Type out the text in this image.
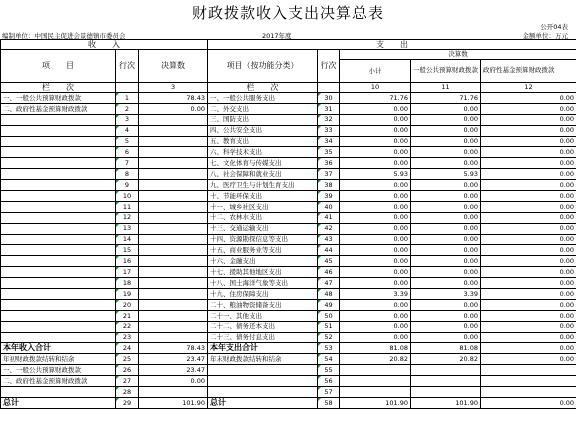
财政拨款收入支出决算总表
公开04表
编制单位：中国民主促进会景德镇市委员会	2017年度	金额单位：万元
收　　入			支　　出				
项　　目	行次	决算数	项目（按功能分类）	行次	决算数		
					小计	一般公共预算财政拨款	政府性基金预算财政拨款
栏　　次		3	栏　　次		10	11	12
一、一般公共预算财政拨款	1	78.43	一、一般公共服务支出	30	71.76	71.76	0.00
二、政府性基金预算财政拨款	2	0.00	二、外交支出	31	0.00	0.00	0.00
	3		三、国防支出	32	0.00	0.00	0.00
	4		四、公共安全支出	33	0.00	0.00	0.00
	5		五、教育支出	34	0.00	0.00	0.00
	6		六、科学技术支出	35	0.00	0.00	0.00
	7		七、文化体育与传媒支出	36	0.00	0.00	0.00
	8		八、社会保障和就业支出	37	5.93	5.93	0.00
	9		九、医疗卫生与计划生育支出	38	0.00	0.00	0.00
	10		十、节能环保支出	39	0.00	0.00	0.00
	11		十一、城乡社区支出	40	0.00	0.00	0.00
	12		十二、农林水支出	41	0.00	0.00	0.00
	13		十三、交通运输支出	42	0.00	0.00	0.00
	14		十四、资源勘探信息等支出	43	0.00	0.00	0.00
	15		十五、商业服务业等支出	44	0.00	0.00	0.00
	16		十六、金融支出	45	0.00	0.00	0.00
	17		十七、援助其他地区支出	46	0.00	0.00	0.00
	18		十八、国土海洋气象等支出	47	0.00	0.00	0.00
	19		十九、住房保障支出	48	3.39	3.39	0.00
	20		二十、粮油物资储备支出	49	0.00	0.00	0.00
	21		二十一、其他支出	50	0.00	0.00	0.00
	22		二十二、债务还本支出	51	0.00	0.00	0.00
	23		二十三、债务付息支出	52	0.00	0.00	0.00
本年收入合计	24	78.43	本年支出合计	53	81.08	81.08	0.00
年初财政拨款结转和结余	25	23.47	年末财政拨款结转和结余	54	20.82	20.82	0.00
一、一般公共预算财政拨款	26	23.47		55			
二、政府性基金预算财政拨款	27	0.00		56			
	28			57			
总计	29	101.90	总计	58	101.90	101.90	0.00
